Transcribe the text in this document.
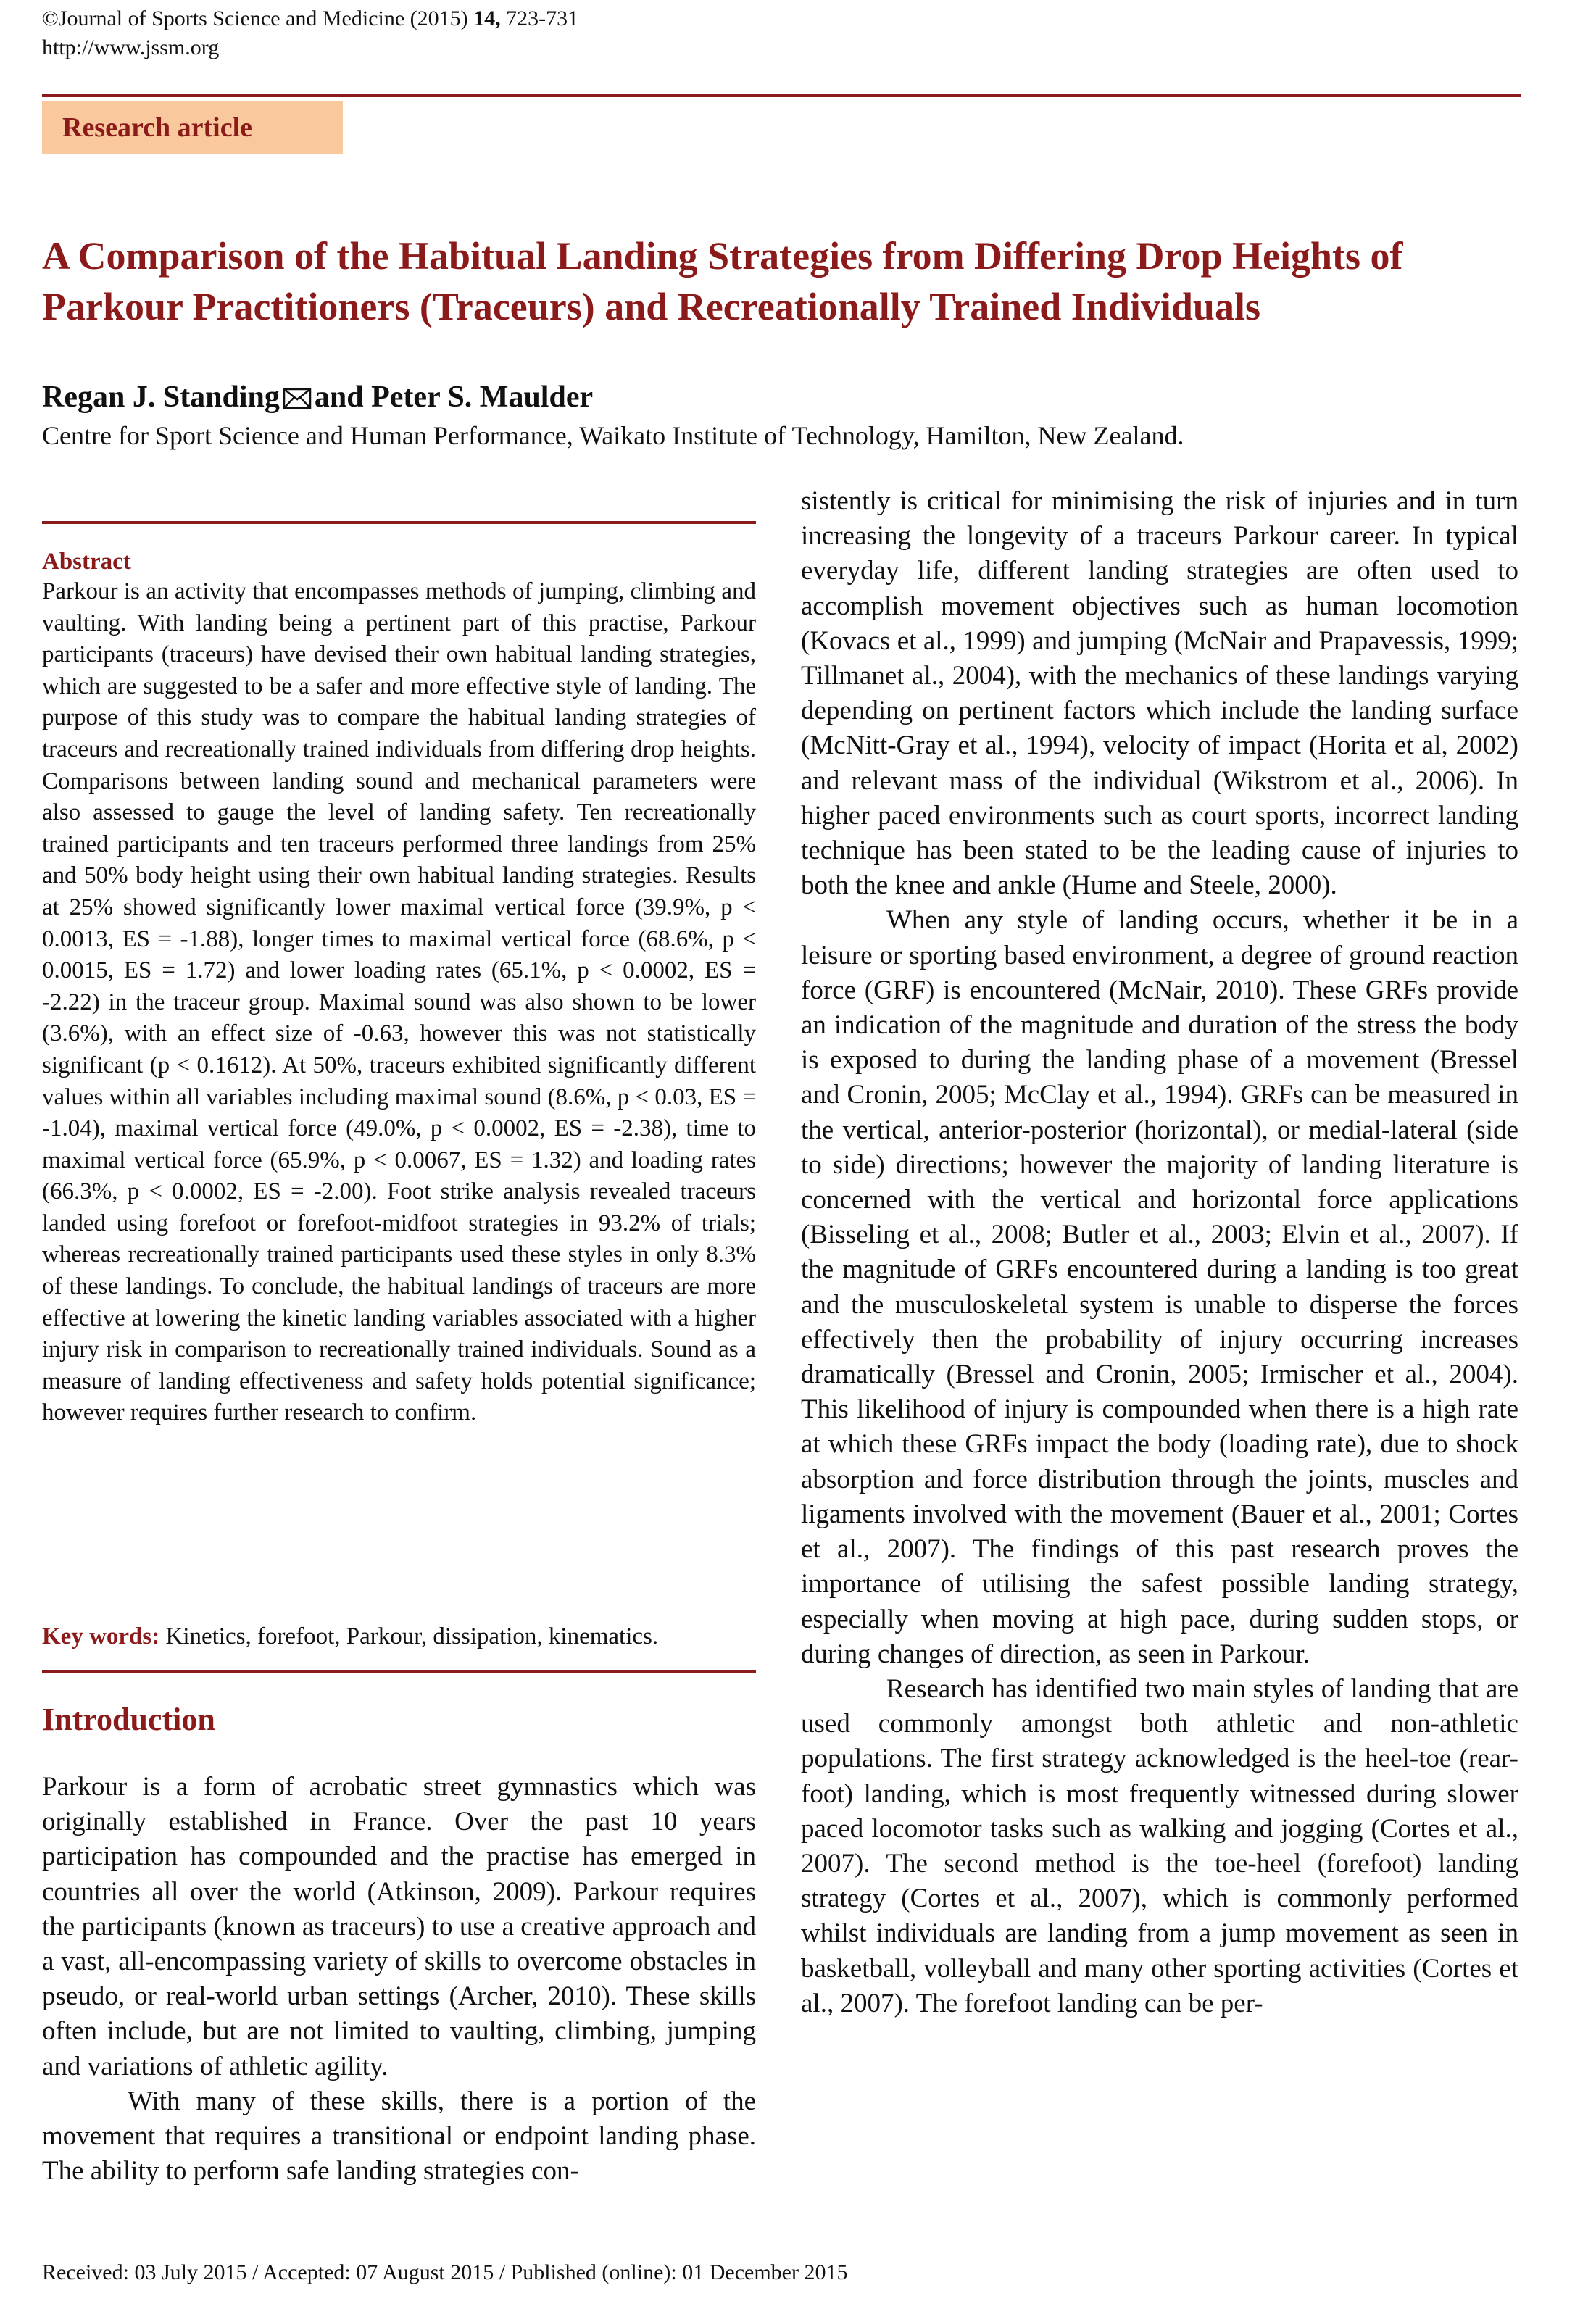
©Journal of Sports Science and Medicine (2015) 14, 723-731
http://www.jssm.org
Research article
A Comparison of the Habitual Landing Strategies from Differing Drop Heights of Parkour Practitioners (Traceurs) and Recreationally Trained Individuals
Regan J. Standing and Peter S. Maulder
Centre for Sport Science and Human Performance, Waikato Institute of Technology, Hamilton, New Zealand.
Abstract
Parkour is an activity that encompasses methods of jumping, climbing and vaulting. With landing being a pertinent part of this practise, Parkour participants (traceurs) have devised their own habitual landing strategies, which are suggested to be a safer and more effective style of landing. The purpose of this study was to compare the habitual landing strategies of traceurs and recreationally trained individuals from differing drop heights. Comparisons between landing sound and mechanical parameters were also assessed to gauge the level of landing safety. Ten recreationally trained participants and ten traceurs performed three landings from 25% and 50% body height using their own habitual landing strategies. Results at 25% showed significantly lower maximal vertical force (39.9%, p < 0.0013, ES = -1.88), longer times to maximal vertical force (68.6%, p < 0.0015, ES = 1.72) and lower loading rates (65.1%, p < 0.0002, ES = -2.22) in the traceur group. Maximal sound was also shown to be lower (3.6%), with an effect size of -0.63, however this was not statistically significant (p < 0.1612). At 50%, traceurs exhibited significantly different values within all variables including maximal sound (8.6%, p < 0.03, ES = -1.04), maximal vertical force (49.0%, p < 0.0002, ES = -2.38), time to maximal vertical force (65.9%, p < 0.0067, ES = 1.32) and loading rates (66.3%, p < 0.0002, ES = -2.00). Foot strike analysis revealed traceurs landed using forefoot or forefoot-midfoot strategies in 93.2% of trials; whereas recreationally trained participants used these styles in only 8.3% of these landings. To conclude, the habitual landings of traceurs are more effective at lowering the kinetic landing variables associated with a higher injury risk in comparison to recreationally trained individuals. Sound as a measure of landing effectiveness and safety holds potential significance; however requires further research to confirm.
Key words: Kinetics, forefoot, Parkour, dissipation, kinematics.
Introduction

Parkour is a form of acrobatic street gymnastics which was originally established in France. Over the past 10 years participation has compounded and the practise has emerged in countries all over the world (Atkinson, 2009). Parkour requires the participants (known as traceurs) to use a creative approach and a vast, all-encompassing variety of skills to overcome obstacles in pseudo, or real-world urban settings (Archer, 2010). These skills often include, but are not limited to vaulting, climbing, jumping and variations of athletic agility.

With many of these skills, there is a portion of the movement that requires a transitional or endpoint landing phase. The ability to perform safe landing strategies con-

sistently is critical for minimising the risk of injuries and in turn increasing the longevity of a traceurs Parkour career. In typical everyday life, different landing strategies are often used to accomplish movement objectives such as human locomotion (Kovacs et al., 1999) and jumping (McNair and Prapavessis, 1999; Tillmanet al., 2004), with the mechanics of these landings varying depending on pertinent factors which include the landing surface (McNitt-Gray et al., 1994), velocity of impact (Horita et al, 2002) and relevant mass of the individual (Wikstrom et al., 2006). In higher paced environments such as court sports, incorrect landing technique has been stated to be the leading cause of injuries to both the knee and ankle (Hume and Steele, 2000).

When any style of landing occurs, whether it be in a leisure or sporting based environment, a degree of ground reaction force (GRF) is encountered (McNair, 2010). These GRFs provide an indication of the magnitude and duration of the stress the body is exposed to during the landing phase of a movement (Bressel and Cronin, 2005; McClay et al., 1994). GRFs can be measured in the vertical, anterior-posterior (horizontal), or medial-lateral (side to side) directions; however the majority of landing literature is concerned with the vertical and horizontal force applications (Bisseling et al., 2008; Butler et al., 2003; Elvin et al., 2007). If the magnitude of GRFs encountered during a landing is too great and the musculoskeletal system is unable to disperse the forces effectively then the probability of injury occurring increases dramatically (Bressel and Cronin, 2005; Irmischer et al., 2004). This likelihood of injury is compounded when there is a high rate at which these GRFs impact the body (loading rate), due to shock absorption and force distribution through the joints, muscles and ligaments involved with the movement (Bauer et al., 2001; Cortes et al., 2007). The findings of this past research proves the importance of utilising the safest possible landing strategy, especially when moving at high pace, during sudden stops, or during changes of direction, as seen in Parkour.

Research has identified two main styles of landing that are used commonly amongst both athletic and non-athletic populations. The first strategy acknowledged is the heel-toe (rear-foot) landing, which is most frequently witnessed during slower paced locomotor tasks such as walking and jogging (Cortes et al., 2007). The second method is the toe-heel (forefoot) landing strategy (Cortes et al., 2007), which is commonly performed whilst individuals are landing from a jump movement as seen in basketball, volleyball and many other sporting activities (Cortes et al., 2007). The forefoot landing can be per-

Received: 03 July 2015 / Accepted: 07 August 2015 / Published (online): 01 December 2015
